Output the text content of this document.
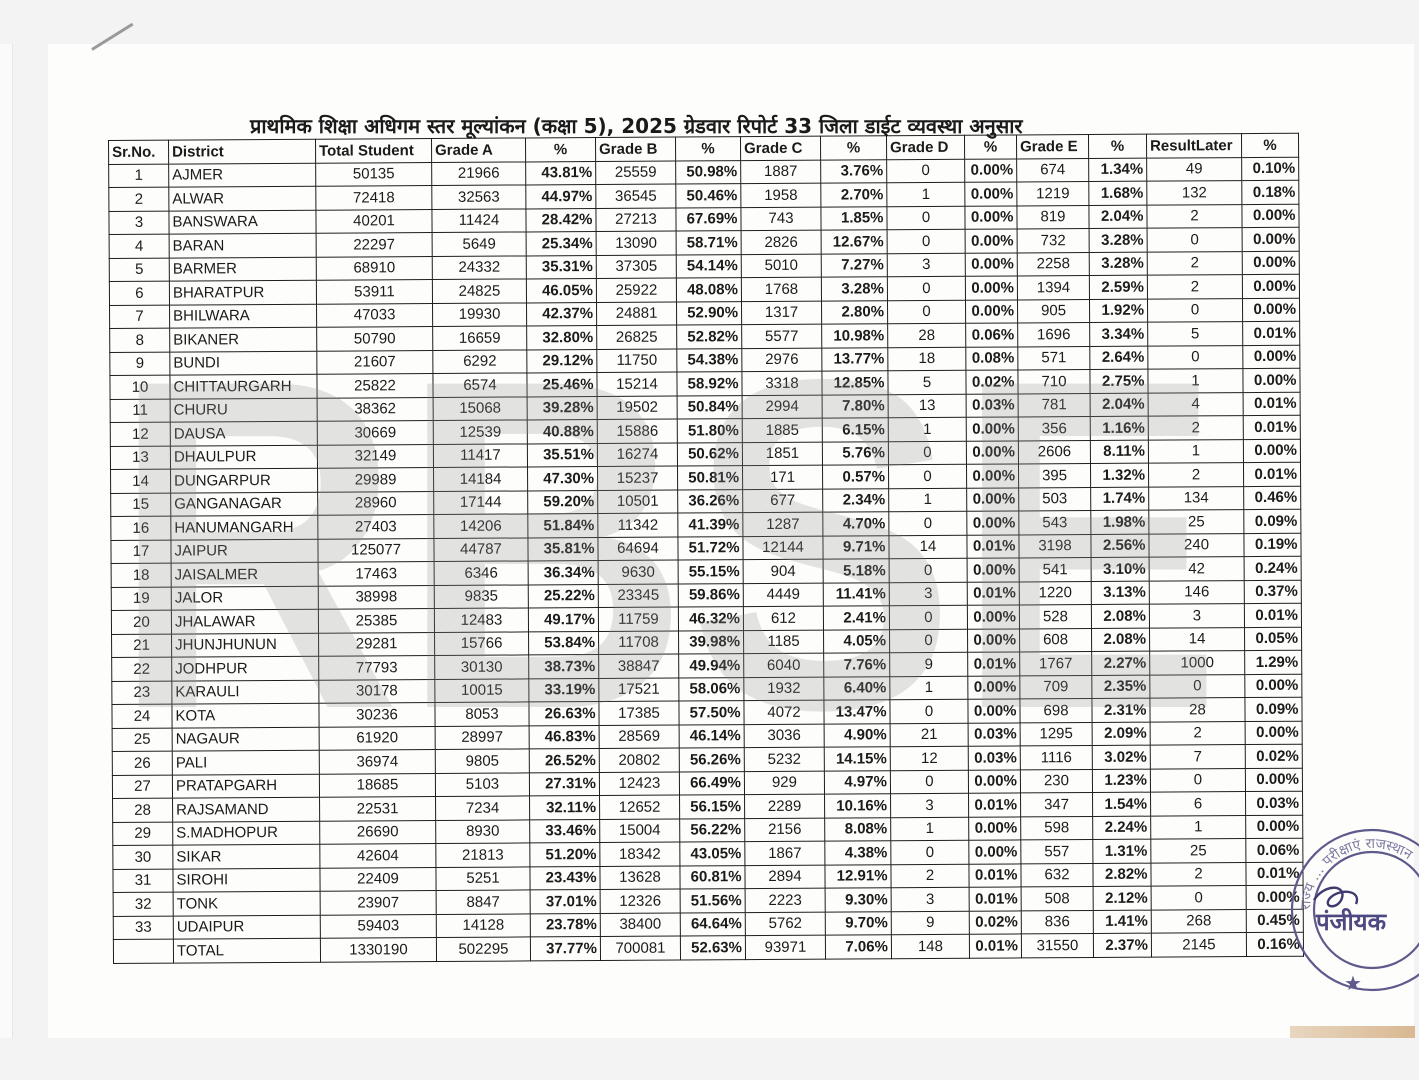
प्राथमिक शिक्षा अधिगम स्तर मूल्यांकन (कक्षा 5), 2025 ग्रेडवार रिपोर्ट 33 जिला डाईट व्यवस्था अनुसार
Sr.No.	District	Total Student	Grade A	%	Grade B	%	Grade C	%	Grade D	%	Grade E	%	ResultLater	%
1	AJMER	50135	21966	43.81%	25559	50.98%	1887	3.76%	0	0.00%	674	1.34%	49	0.10%
2	ALWAR	72418	32563	44.97%	36545	50.46%	1958	2.70%	1	0.00%	1219	1.68%	132	0.18%
3	BANSWARA	40201	11424	28.42%	27213	67.69%	743	1.85%	0	0.00%	819	2.04%	2	0.00%
4	BARAN	22297	5649	25.34%	13090	58.71%	2826	12.67%	0	0.00%	732	3.28%	0	0.00%
5	BARMER	68910	24332	35.31%	37305	54.14%	5010	7.27%	3	0.00%	2258	3.28%	2	0.00%
6	BHARATPUR	53911	24825	46.05%	25922	48.08%	1768	3.28%	0	0.00%	1394	2.59%	2	0.00%
7	BHILWARA	47033	19930	42.37%	24881	52.90%	1317	2.80%	0	0.00%	905	1.92%	0	0.00%
8	BIKANER	50790	16659	32.80%	26825	52.82%	5577	10.98%	28	0.06%	1696	3.34%	5	0.01%
9	BUNDI	21607	6292	29.12%	11750	54.38%	2976	13.77%	18	0.08%	571	2.64%	0	0.00%
10	CHITTAURGARH	25822	6574	25.46%	15214	58.92%	3318	12.85%	5	0.02%	710	2.75%	1	0.00%
11	CHURU	38362	15068	39.28%	19502	50.84%	2994	7.80%	13	0.03%	781	2.04%	4	0.01%
12	DAUSA	30669	12539	40.88%	15886	51.80%	1885	6.15%	1	0.00%	356	1.16%	2	0.01%
13	DHAULPUR	32149	11417	35.51%	16274	50.62%	1851	5.76%	0	0.00%	2606	8.11%	1	0.00%
14	DUNGARPUR	29989	14184	47.30%	15237	50.81%	171	0.57%	0	0.00%	395	1.32%	2	0.01%
15	GANGANAGAR	28960	17144	59.20%	10501	36.26%	677	2.34%	1	0.00%	503	1.74%	134	0.46%
16	HANUMANGARH	27403	14206	51.84%	11342	41.39%	1287	4.70%	0	0.00%	543	1.98%	25	0.09%
17	JAIPUR	125077	44787	35.81%	64694	51.72%	12144	9.71%	14	0.01%	3198	2.56%	240	0.19%
18	JAISALMER	17463	6346	36.34%	9630	55.15%	904	5.18%	0	0.00%	541	3.10%	42	0.24%
19	JALOR	38998	9835	25.22%	23345	59.86%	4449	11.41%	3	0.01%	1220	3.13%	146	0.37%
20	JHALAWAR	25385	12483	49.17%	11759	46.32%	612	2.41%	0	0.00%	528	2.08%	3	0.01%
21	JHUNJHUNUN	29281	15766	53.84%	11708	39.98%	1185	4.05%	0	0.00%	608	2.08%	14	0.05%
22	JODHPUR	77793	30130	38.73%	38847	49.94%	6040	7.76%	9	0.01%	1767	2.27%	1000	1.29%
23	KARAULI	30178	10015	33.19%	17521	58.06%	1932	6.40%	1	0.00%	709	2.35%	0	0.00%
24	KOTA	30236	8053	26.63%	17385	57.50%	4072	13.47%	0	0.00%	698	2.31%	28	0.09%
25	NAGAUR	61920	28997	46.83%	28569	46.14%	3036	4.90%	21	0.03%	1295	2.09%	2	0.00%
26	PALI	36974	9805	26.52%	20802	56.26%	5232	14.15%	12	0.03%	1116	3.02%	7	0.02%
27	PRATAPGARH	18685	5103	27.31%	12423	66.49%	929	4.97%	0	0.00%	230	1.23%	0	0.00%
28	RAJSAMAND	22531	7234	32.11%	12652	56.15%	2289	10.16%	3	0.01%	347	1.54%	6	0.03%
29	S.MADHOPUR	26690	8930	33.46%	15004	56.22%	2156	8.08%	1	0.00%	598	2.24%	1	0.00%
30	SIKAR	42604	21813	51.20%	18342	43.05%	1867	4.38%	0	0.00%	557	1.31%	25	0.06%
31	SIROHI	22409	5251	23.43%	13628	60.81%	2894	12.91%	2	0.01%	632	2.82%	2	0.01%
32	TONK	23907	8847	37.01%	12326	51.56%	2223	9.30%	3	0.01%	508	2.12%	0	0.00%
33	UDAIPUR	59403	14128	23.78%	38400	64.64%	5762	9.70%	9	0.02%	836	1.41%	268	0.45%
	TOTAL	1330190	502295	37.77%	700081	52.63%	93971	7.06%	148	0.01%	31550	2.37%	2145	0.16%
RBSE
राज्य ... परीक्षाएं राजस्थान
पंजीयक
★
